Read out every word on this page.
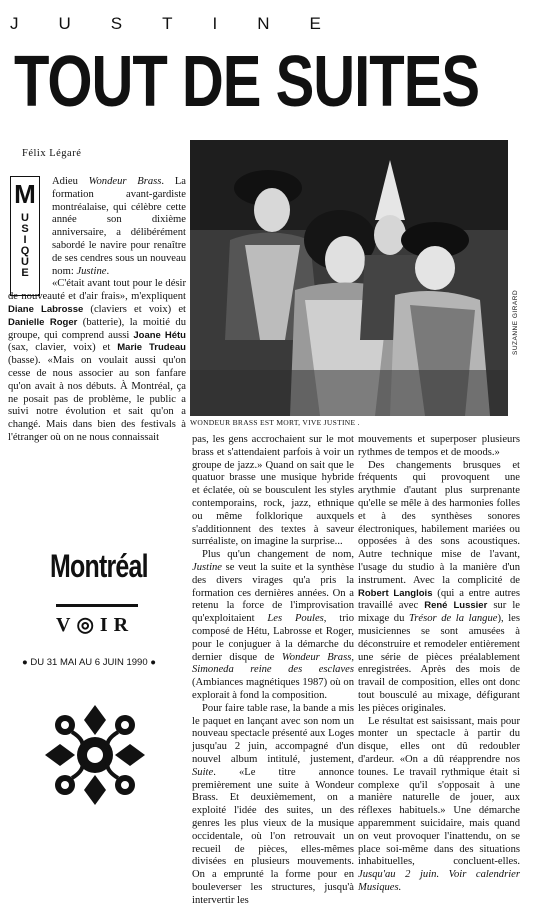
JUSTINE
TOUT DE SUITES
Félix Légaré
M
U
S
I
Q
U
E

Adieu Wondeur Brass. La formation avant-gardiste montréalaise, qui célèbre cette année son dixième anniversaire, a délibérément sabordé le navire pour renaître de ses cendres sous un nouveau nom: Justine.

«C'était avant tout pour le désir de nouveauté et d'air frais», m'expliquent Diane Labrosse (claviers et voix) et Danielle Roger (batterie), la moitié du groupe, qui comprend aussi Joane Hétu (sax, clavier, voix) et Marie Trudeau (basse). «Mais on voulait aussi qu'on cesse de nous associer au son fanfare qu'on avait à nos débuts. À Montréal, ça ne posait pas de problème, le public a suivi notre évolution et sait qu'on a changé. Mais dans bien des festivals à l'étranger où on ne nous connaissait

SUZANNE GIRARD
WONDEUR BRASS EST MORT, VIVE JUSTINE .

pas, les gens accrochaient sur le mot brass et s'attendaient parfois à voir un groupe de jazz.» Quand on sait que le quatuor brasse une musique hybride et éclatée, où se bousculent les styles contemporains, rock, jazz, ethnique ou même folklorique auxquels s'additionnent des textes à saveur surréaliste, on imagine la surprise...

Plus qu'un changement de nom, Justine se veut la suite et la synthèse des divers virages qu'a pris la formation ces dernières années. On a retenu la force de l'improvisation qu'exploitaient Les Poules, trio composé de Hétu, Labrosse et Roger, pour le conjuguer à la démarche du dernier disque de Wondeur Brass, Simoneda reine des esclaves (Ambiances magnétiques 1987) où on explorait à fond la composition.

Pour faire table rase, la bande a mis le paquet en lançant avec son nom un nouveau spectacle présenté aux Loges jusqu'au 2 juin, accompagné d'un nouvel album intitulé, justement, Suite. «Le titre annonce premièrement une suite à Wondeur Brass. Et deuxièmement, on a exploité l'idée des suites, un des genres les plus vieux de la musique occidentale, où l'on retrouvait un recueil de pièces, elles-mêmes divisées en plusieurs mouvements. On a emprunté la forme pour en bouleverser les structures, jusqu'à intervertir les

mouvements et superposer plusieurs rythmes de tempos et de moods.»

Des changements brusques et fréquents qui provoquent une arythmie d'autant plus surprenante qu'elle se mêle à des harmonies folles et à des synthèses sonores électroniques, habilement mariées ou opposées à des sons acoustiques. Autre technique mise de l'avant, l'usage du studio à la manière d'un instrument. Avec la complicité de Robert Langlois (qui a entre autres travaillé avec René Lussier sur le mixage du Trésor de la langue), les musiciennes se sont amusées à déconstruire et remodeler entièrement une série de pièces préalablement enregistrées. Après des mois de travail de composition, elles ont donc tout bousculé au mixage, défigurant les pièces originales.

Le résultat est saisissant, mais pour monter un spectacle à partir du disque, elles ont dû redoubler d'ardeur. «On a dû réapprendre nos tounes. Le travail rythmique était si complexe qu'il s'opposait à une manière naturelle de jouer, aux réflexes habituels.» Une démarche apparemment suicidaire, mais quand on veut provoquer l'inattendu, on se place soi-même dans des situations inhabituelles, concluent-elles. Jusqu'au 2 juin. Voir calendrier Musiques.

Montréal
V◎IR
● DU 31 MAI AU 6 JUIN 1990 ●
